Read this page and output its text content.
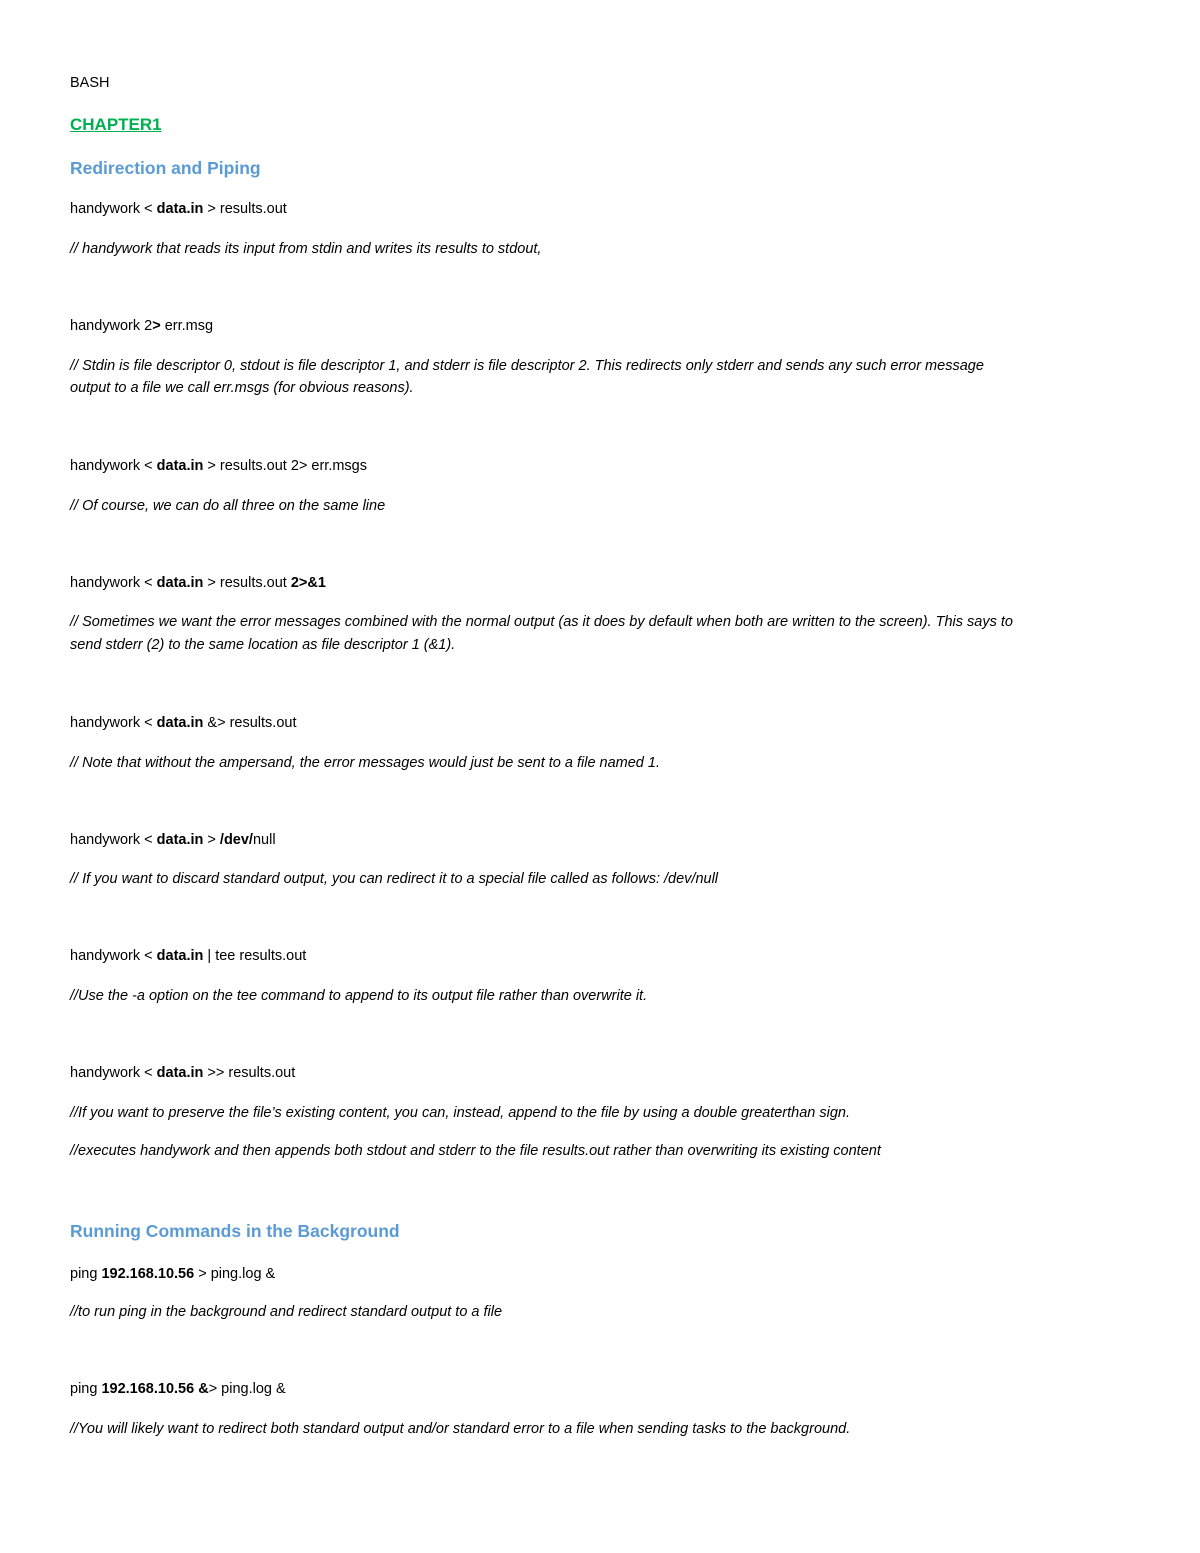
BASH
CHAPTER1
Redirection and Piping
handywork < data.in > results.out
// handywork that reads its input from stdin and writes its results to stdout,
handywork 2> err.msg
// Stdin is file descriptor 0, stdout is file descriptor 1, and stderr is file descriptor 2. This redirects only stderr and sends any such error message
output to a file we call err.msgs (for obvious reasons).
handywork < data.in > results.out 2> err.msgs
// Of course, we can do all three on the same line
handywork < data.in > results.out 2>&1
// Sometimes we want the error messages combined with the normal output (as it does by default when both are written to the screen). This says to
send stderr (2) to the same location as file descriptor 1 (&1).
handywork < data.in &> results.out
// Note that without the ampersand, the error messages would just be sent to a file named 1.
handywork < data.in > /dev/null
// If you want to discard standard output, you can redirect it to a special file called as follows: /dev/null
handywork < data.in | tee results.out
//Use the -a option on the tee command to append to its output file rather than overwrite it.
handywork < data.in >> results.out
//If you want to preserve the file’s existing content, you can, instead, append to the file by using a double greaterthan sign.
//executes handywork and then appends both stdout and stderr to the file results.out rather than overwriting its existing content
Running Commands in the Background
ping 192.168.10.56 > ping.log &
//to run ping in the background and redirect standard output to a file
ping 192.168.10.56 &> ping.log &
//You will likely want to redirect both standard output and/or standard error to a file when sending tasks to the background.
